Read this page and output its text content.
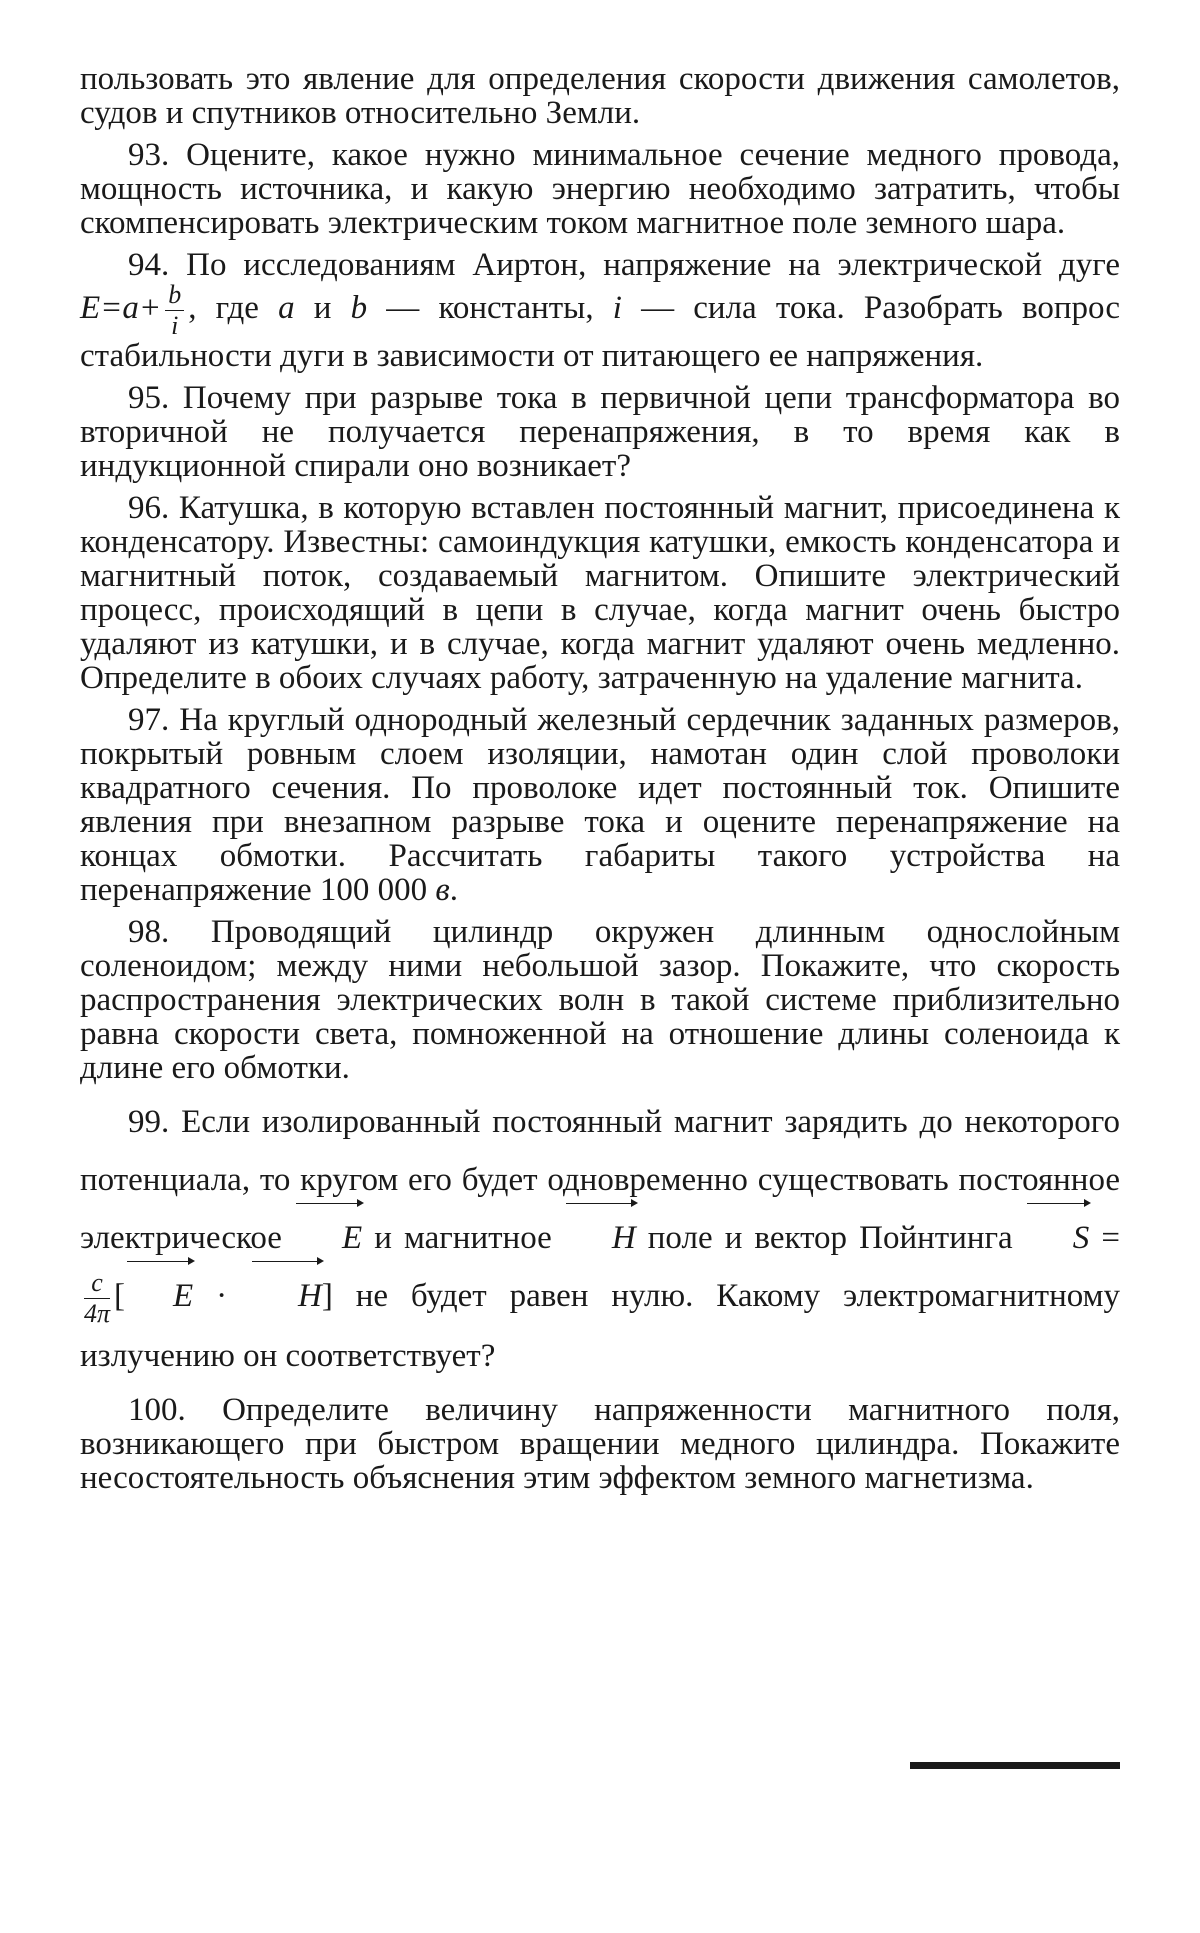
пользовать это явление для определения скорости движения самолетов, судов и спутников относительно Земли.

93. Оцените, какое нужно минимальное сечение медного провода, мощность источника, и какую энергию необходимо затратить, чтобы скомпенсировать электрическим током магнитное поле земного шара.

94. По исследованиям Аиртон, напряжение на электрической дуге $E=a+ \frac{b}{i}$ , где a и b — константы, i — сила тока. Разобрать вопрос стабильности дуги в зависимости от питающего ее напряжения.

95. Почему при разрыве тока в первичной цепи трансформатора во вторичной не получается перенапряжения, в то время как в индукционной спирали оно возникает?

96. Катушка, в которую вставлен постоянный магнит, присоединена к конденсатору. Известны: самоиндукция катушки, емкость конденсатора и магнитный поток, создаваемый магнитом. Опишите электрический процесс, происходящий в цепи в случае, когда магнит очень быстро удаляют из катушки, и в случае, когда магнит удаляют очень медленно. Определите в обоих случаях работу, затраченную на удаление магнита.

97. На круглый однородный железный сердечник заданных размеров, покрытый ровным слоем изоляции, намотан один слой проволоки квадратного сечения. По проволоке идет постоянный ток. Опишите явления при внезапном разрыве тока и оцените перенапряжение на концах обмотки. Рассчитать габариты такого устройства на перенапряжение 100 000 в.

98. Проводящий цилиндр окружен длинным однослойным соленоидом; между ними небольшой зазор. Покажите, что скорость распространения электрических волн в такой системе приблизительно равна скорости света, помноженной на отношение длины соленоида к длине его обмотки.

99. Если изолированный постоянный магнит зарядить до некоторого потенциала, то кругом его будет одновременно существовать постоянное электрическое E и магнитное H поле и вектор Пойнтинга S =
$\frac{c}{4\pi}$ [ E · H] не будет равен нулю. Какому электромагнитному излучению он соответствует?

100. Определите величину напряженности магнитного поля, возникающего при быстром вращении медного цилиндра. Покажите несостоятельность объяснения этим эффектом земного магнетизма.
